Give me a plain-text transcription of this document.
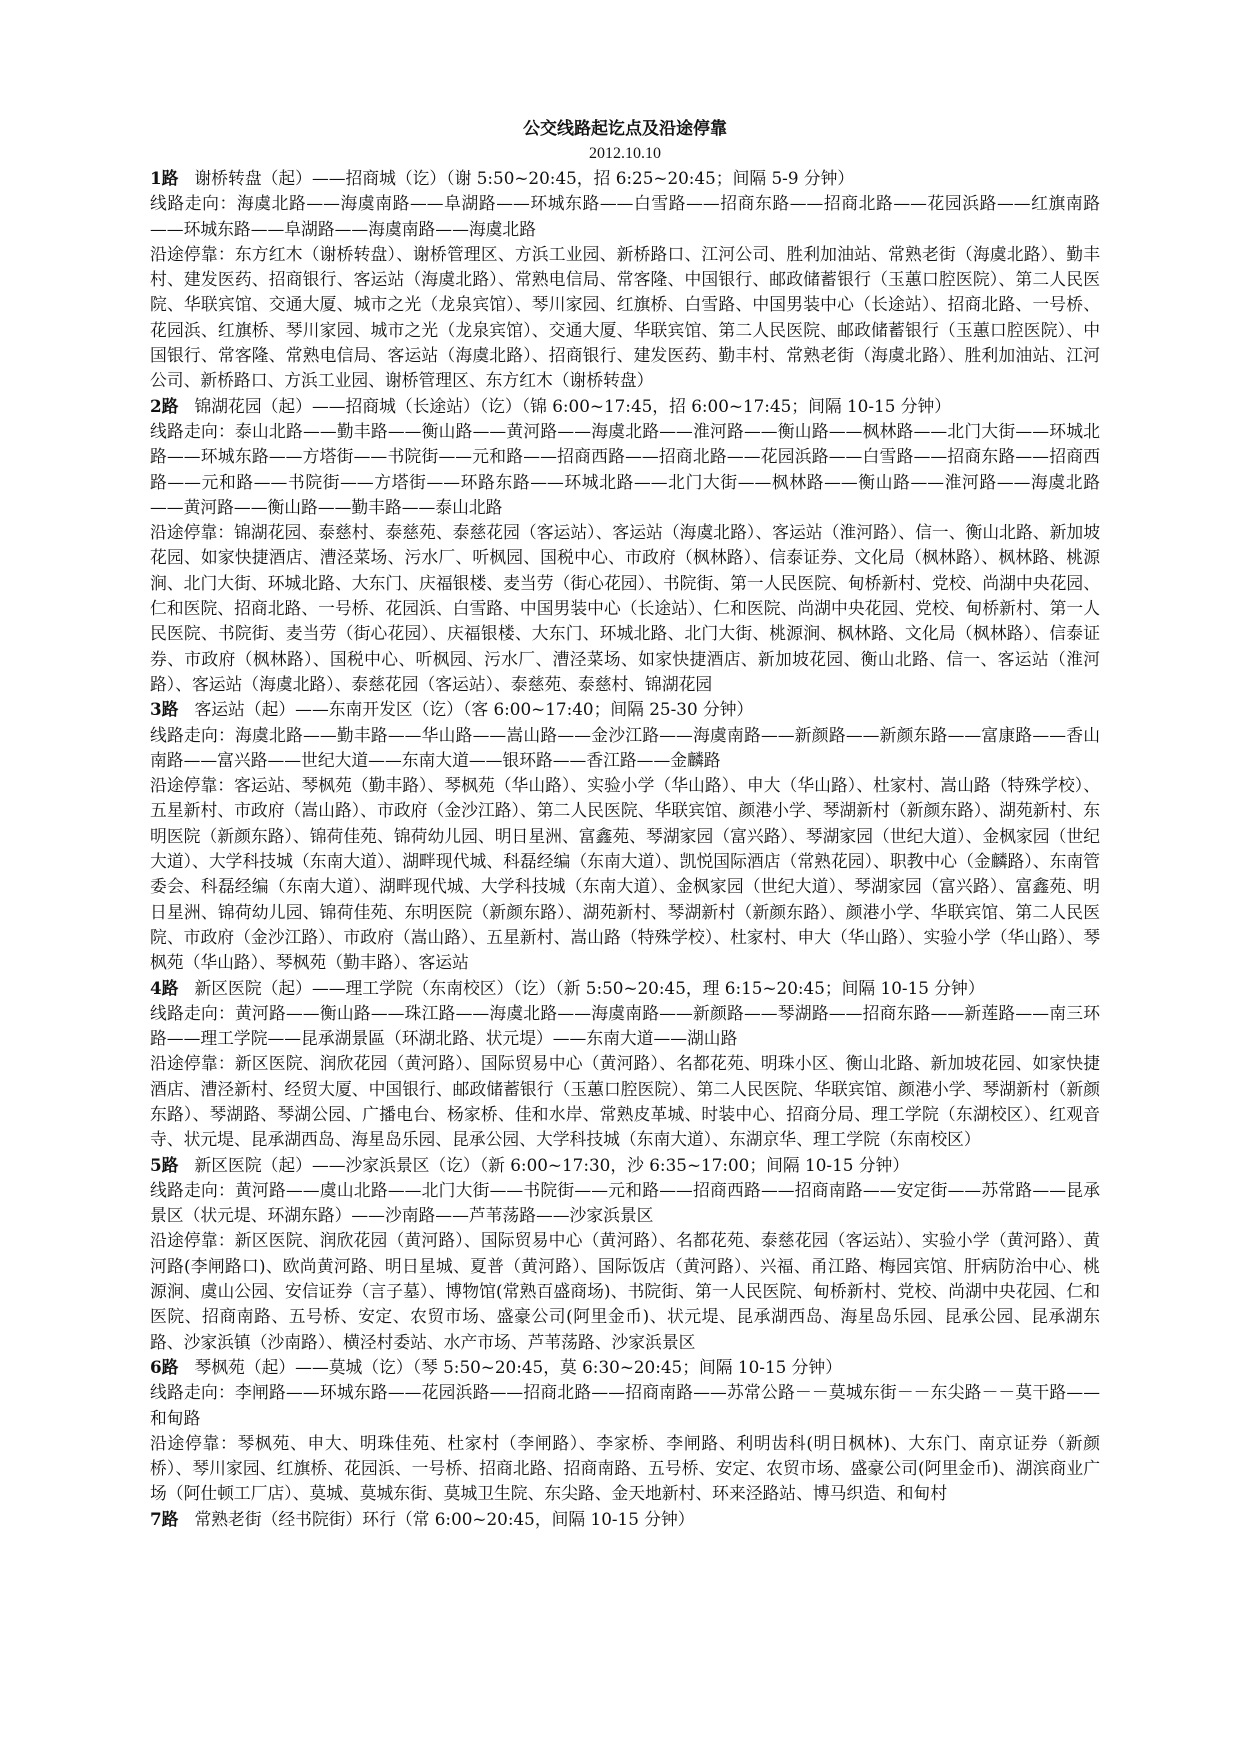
公交线路起讫点及沿途停靠
2012.10.10

1路 谢桥转盘（起）——招商城（讫）（谢 5:50~20:45，招 6:25~20:45；间隔 5-9 分钟）

线路走向：海虞北路——海虞南路——阜湖路——环城东路——白雪路——招商东路——招商北路——花园浜路——红旗南路——环城东路——阜湖路——海虞南路——海虞北路

沿途停靠：东方红木（谢桥转盘）、谢桥管理区、方浜工业园、新桥路口、江河公司、胜利加油站、常熟老街（海虞北路）、勤丰村、建发医药、招商银行、客运站（海虞北路）、常熟电信局、常客隆、中国银行、邮政储蓄银行（玉蕙口腔医院）、第二人民医院、华联宾馆、交通大厦、城市之光（龙泉宾馆）、琴川家园、红旗桥、白雪路、中国男装中心（长途站）、招商北路、一号桥、花园浜、红旗桥、琴川家园、城市之光（龙泉宾馆）、交通大厦、华联宾馆、第二人民医院、邮政储蓄银行（玉蕙口腔医院）、中国银行、常客隆、常熟电信局、客运站（海虞北路）、招商银行、建发医药、勤丰村、常熟老街（海虞北路）、胜利加油站、江河公司、新桥路口、方浜工业园、谢桥管理区、东方红木（谢桥转盘）

2路 锦湖花园（起）——招商城（长途站）（讫）（锦 6:00~17:45，招 6:00~17:45；间隔 10-15 分钟）

线路走向：泰山北路——勤丰路——衡山路——黄河路——海虞北路——淮河路——衡山路——枫林路——北门大街——环城北路——环城东路——方塔街——书院街——元和路——招商西路——招商北路——花园浜路——白雪路——招商东路——招商西路——元和路——书院街——方塔街——环路东路——环城北路——北门大街——枫林路——衡山路——淮河路——海虞北路——黄河路——衡山路——勤丰路——泰山北路

沿途停靠：锦湖花园、泰慈村、泰慈苑、泰慈花园（客运站）、客运站（海虞北路）、客运站（淮河路）、信一、衡山北路、新加坡花园、如家快捷酒店、漕泾菜场、污水厂、听枫园、国税中心、市政府（枫林路）、信泰证券、文化局（枫林路）、枫林路、桃源涧、北门大街、环城北路、大东门、庆福银楼、麦当劳（街心花园）、书院街、第一人民医院、甸桥新村、党校、尚湖中央花园、仁和医院、招商北路、一号桥、花园浜、白雪路、中国男装中心（长途站）、仁和医院、尚湖中央花园、党校、甸桥新村、第一人民医院、书院街、麦当劳（街心花园）、庆福银楼、大东门、环城北路、北门大街、桃源涧、枫林路、文化局（枫林路）、信泰证券、市政府（枫林路）、国税中心、听枫园、污水厂、漕泾菜场、如家快捷酒店、新加坡花园、衡山北路、信一、客运站（淮河路）、客运站（海虞北路）、泰慈花园（客运站）、泰慈苑、泰慈村、锦湖花园

3路 客运站（起）——东南开发区（讫）（客 6:00~17:40；间隔 25-30 分钟）

线路走向：海虞北路——勤丰路——华山路——嵩山路——金沙江路——海虞南路——新颜路——新颜东路——富康路——香山南路——富兴路——世纪大道——东南大道——银环路——香江路——金麟路

沿途停靠：客运站、琴枫苑（勤丰路）、琴枫苑（华山路）、实验小学（华山路）、申大（华山路）、杜家村、嵩山路（特殊学校）、五星新村、市政府（嵩山路）、市政府（金沙江路）、第二人民医院、华联宾馆、颜港小学、琴湖新村（新颜东路）、湖苑新村、东明医院（新颜东路）、锦荷佳苑、锦荷幼儿园、明日星洲、富鑫苑、琴湖家园（富兴路）、琴湖家园（世纪大道）、金枫家园（世纪大道）、大学科技城（东南大道）、湖畔现代城、科磊经编（东南大道）、凯悦国际酒店（常熟花园）、职教中心（金麟路）、东南管委会、科磊经编（东南大道）、湖畔现代城、大学科技城（东南大道）、金枫家园（世纪大道）、琴湖家园（富兴路）、富鑫苑、明日星洲、锦荷幼儿园、锦荷佳苑、东明医院（新颜东路）、湖苑新村、琴湖新村（新颜东路）、颜港小学、华联宾馆、第二人民医院、市政府（金沙江路）、市政府（嵩山路）、五星新村、嵩山路（特殊学校）、杜家村、申大（华山路）、实验小学（华山路）、琴枫苑（华山路）、琴枫苑（勤丰路）、客运站

4路 新区医院（起）——理工学院（东南校区）（讫）（新 5:50~20:45，理 6:15~20:45；间隔 10-15 分钟）

线路走向：黄河路——衡山路——珠江路——海虞北路——海虞南路——新颜路——琴湖路——招商东路——新莲路——南三环路——理工学院——昆承湖景區（环湖北路、状元堤）——东南大道——湖山路

沿途停靠：新区医院、润欣花园（黄河路）、国际贸易中心（黄河路）、名都花苑、明珠小区、衡山北路、新加坡花园、如家快捷酒店、漕泾新村、经贸大厦、中国银行、邮政储蓄银行（玉蕙口腔医院）、第二人民医院、华联宾馆、颜港小学、琴湖新村（新颜东路）、琴湖路、琴湖公园、广播电台、杨家桥、佳和水岸、常熟皮革城、时装中心、招商分局、理工学院（东湖校区）、红观音寺、状元堤、昆承湖西岛、海星岛乐园、昆承公园、大学科技城（东南大道）、东湖京华、理工学院（东南校区）

5路 新区医院（起）——沙家浜景区（讫）（新 6:00~17:30，沙 6:35~17:00；间隔 10-15 分钟）

线路走向：黄河路——虞山北路——北门大街——书院街——元和路——招商西路——招商南路——安定街——苏常路——昆承景区（状元堤、环湖东路）——沙南路——芦苇荡路——沙家浜景区

沿途停靠：新区医院、润欣花园（黄河路）、国际贸易中心（黄河路）、名都花苑、泰慈花园（客运站）、实验小学（黄河路）、黄河路(李闸路口)、欧尚黄河路、明日星城、夏普（黄河路）、国际饭店（黄河路）、兴福、甬江路、梅园宾馆、肝病防治中心、桃源涧、虞山公园、安信证券（言子墓）、博物馆(常熟百盛商场)、书院街、第一人民医院、甸桥新村、党校、尚湖中央花园、仁和医院、招商南路、五号桥、安定、农贸市场、盛豪公司(阿里金币)、状元堤、昆承湖西岛、海星岛乐园、昆承公园、昆承湖东路、沙家浜镇（沙南路）、横泾村委站、水产市场、芦苇荡路、沙家浜景区

6路 琴枫苑（起）——莫城（讫）（琴 5:50~20:45，莫 6:30~20:45；间隔 10-15 分钟）

线路走向：李闸路——环城东路——花园浜路——招商北路——招商南路——苏常公路－－莫城东街－－东尖路－－莫干路——和甸路

沿途停靠：琴枫苑、申大、明珠佳苑、杜家村（李闸路）、李家桥、李闸路、利明齿科(明日枫林)、大东门、南京证券（新颜桥）、琴川家园、红旗桥、花园浜、一号桥、招商北路、招商南路、五号桥、安定、农贸市场、盛豪公司(阿里金币)、湖滨商业广场（阿仕顿工厂店）、莫城、莫城东街、莫城卫生院、东尖路、金天地新村、环来泾路站、博马织造、和甸村

7路 常熟老街（经书院街）环行（常 6:00~20:45，间隔 10-15 分钟）
